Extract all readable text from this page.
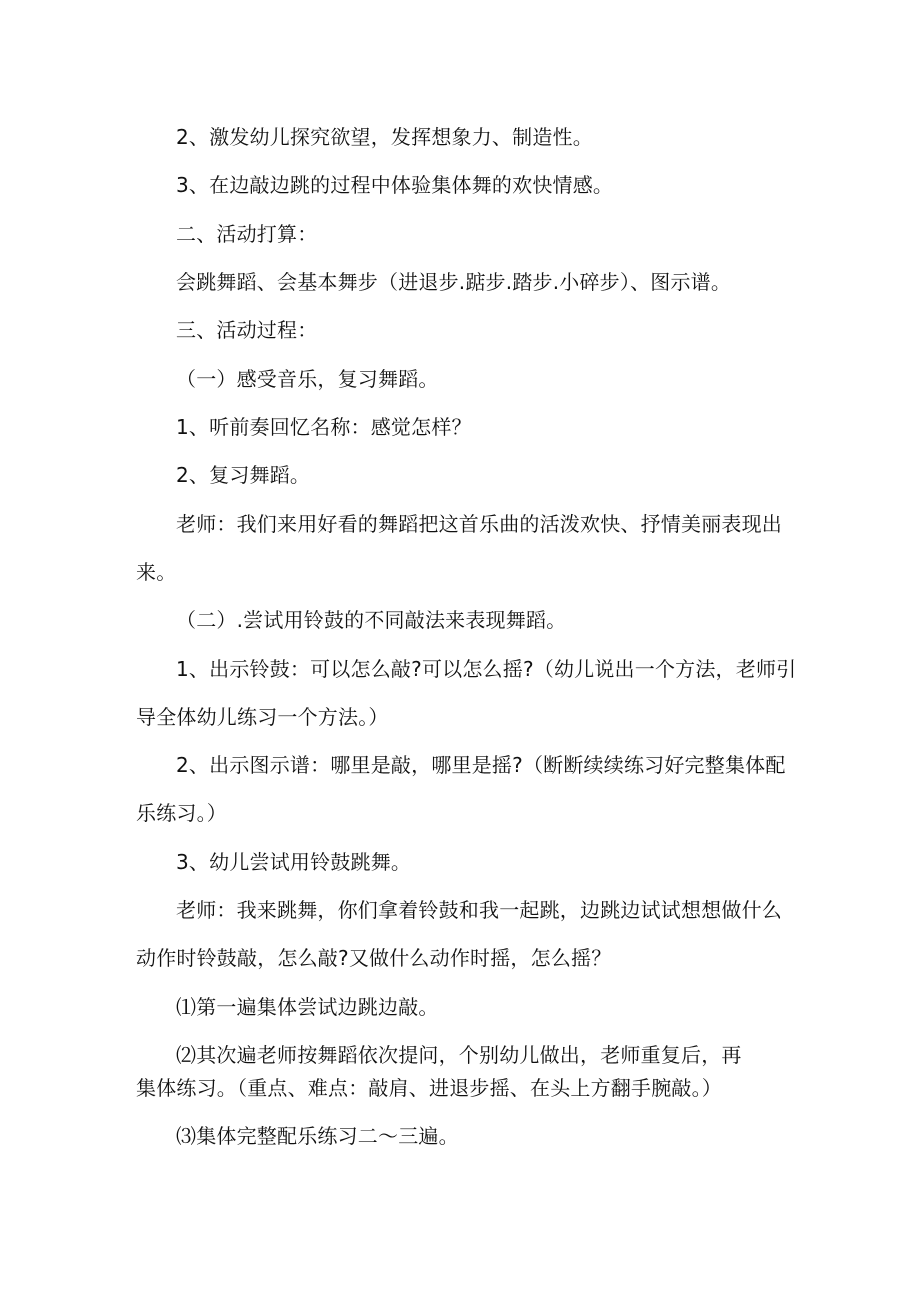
2、激发幼儿探究欲望，发挥想象力、制造性。
3、在边敲边跳的过程中体验集体舞的欢快情感。
二、活动打算：
会跳舞蹈、会基本舞步（进退步.踮步.踏步.小碎步）、图示谱。
三、活动过程：
（一）感受音乐，复习舞蹈。
1、听前奏回忆名称：感觉怎样？
2、复习舞蹈。
老师：我们来用好看的舞蹈把这首乐曲的活泼欢快、抒情美丽表现出
来。
（二）.尝试用铃鼓的不同敲法来表现舞蹈。
1、出示铃鼓：可以怎么敲?可以怎么摇?（幼儿说出一个方法，老师引
导全体幼儿练习一个方法。）
2、出示图示谱：哪里是敲，哪里是摇?（断断续续练习好完整集体配
乐练习。）
3、幼儿尝试用铃鼓跳舞。
老师：我来跳舞，你们拿着铃鼓和我一起跳，边跳边试试想想做什么
动作时铃鼓敲，怎么敲?又做什么动作时摇，怎么摇？
⑴第一遍集体尝试边跳边敲。
⑵其次遍老师按舞蹈依次提问，个别幼儿做出，老师重复后，再
集体练习。（重点、难点：敲肩、进退步摇、在头上方翻手腕敲。）
⑶集体完整配乐练习二～三遍。
